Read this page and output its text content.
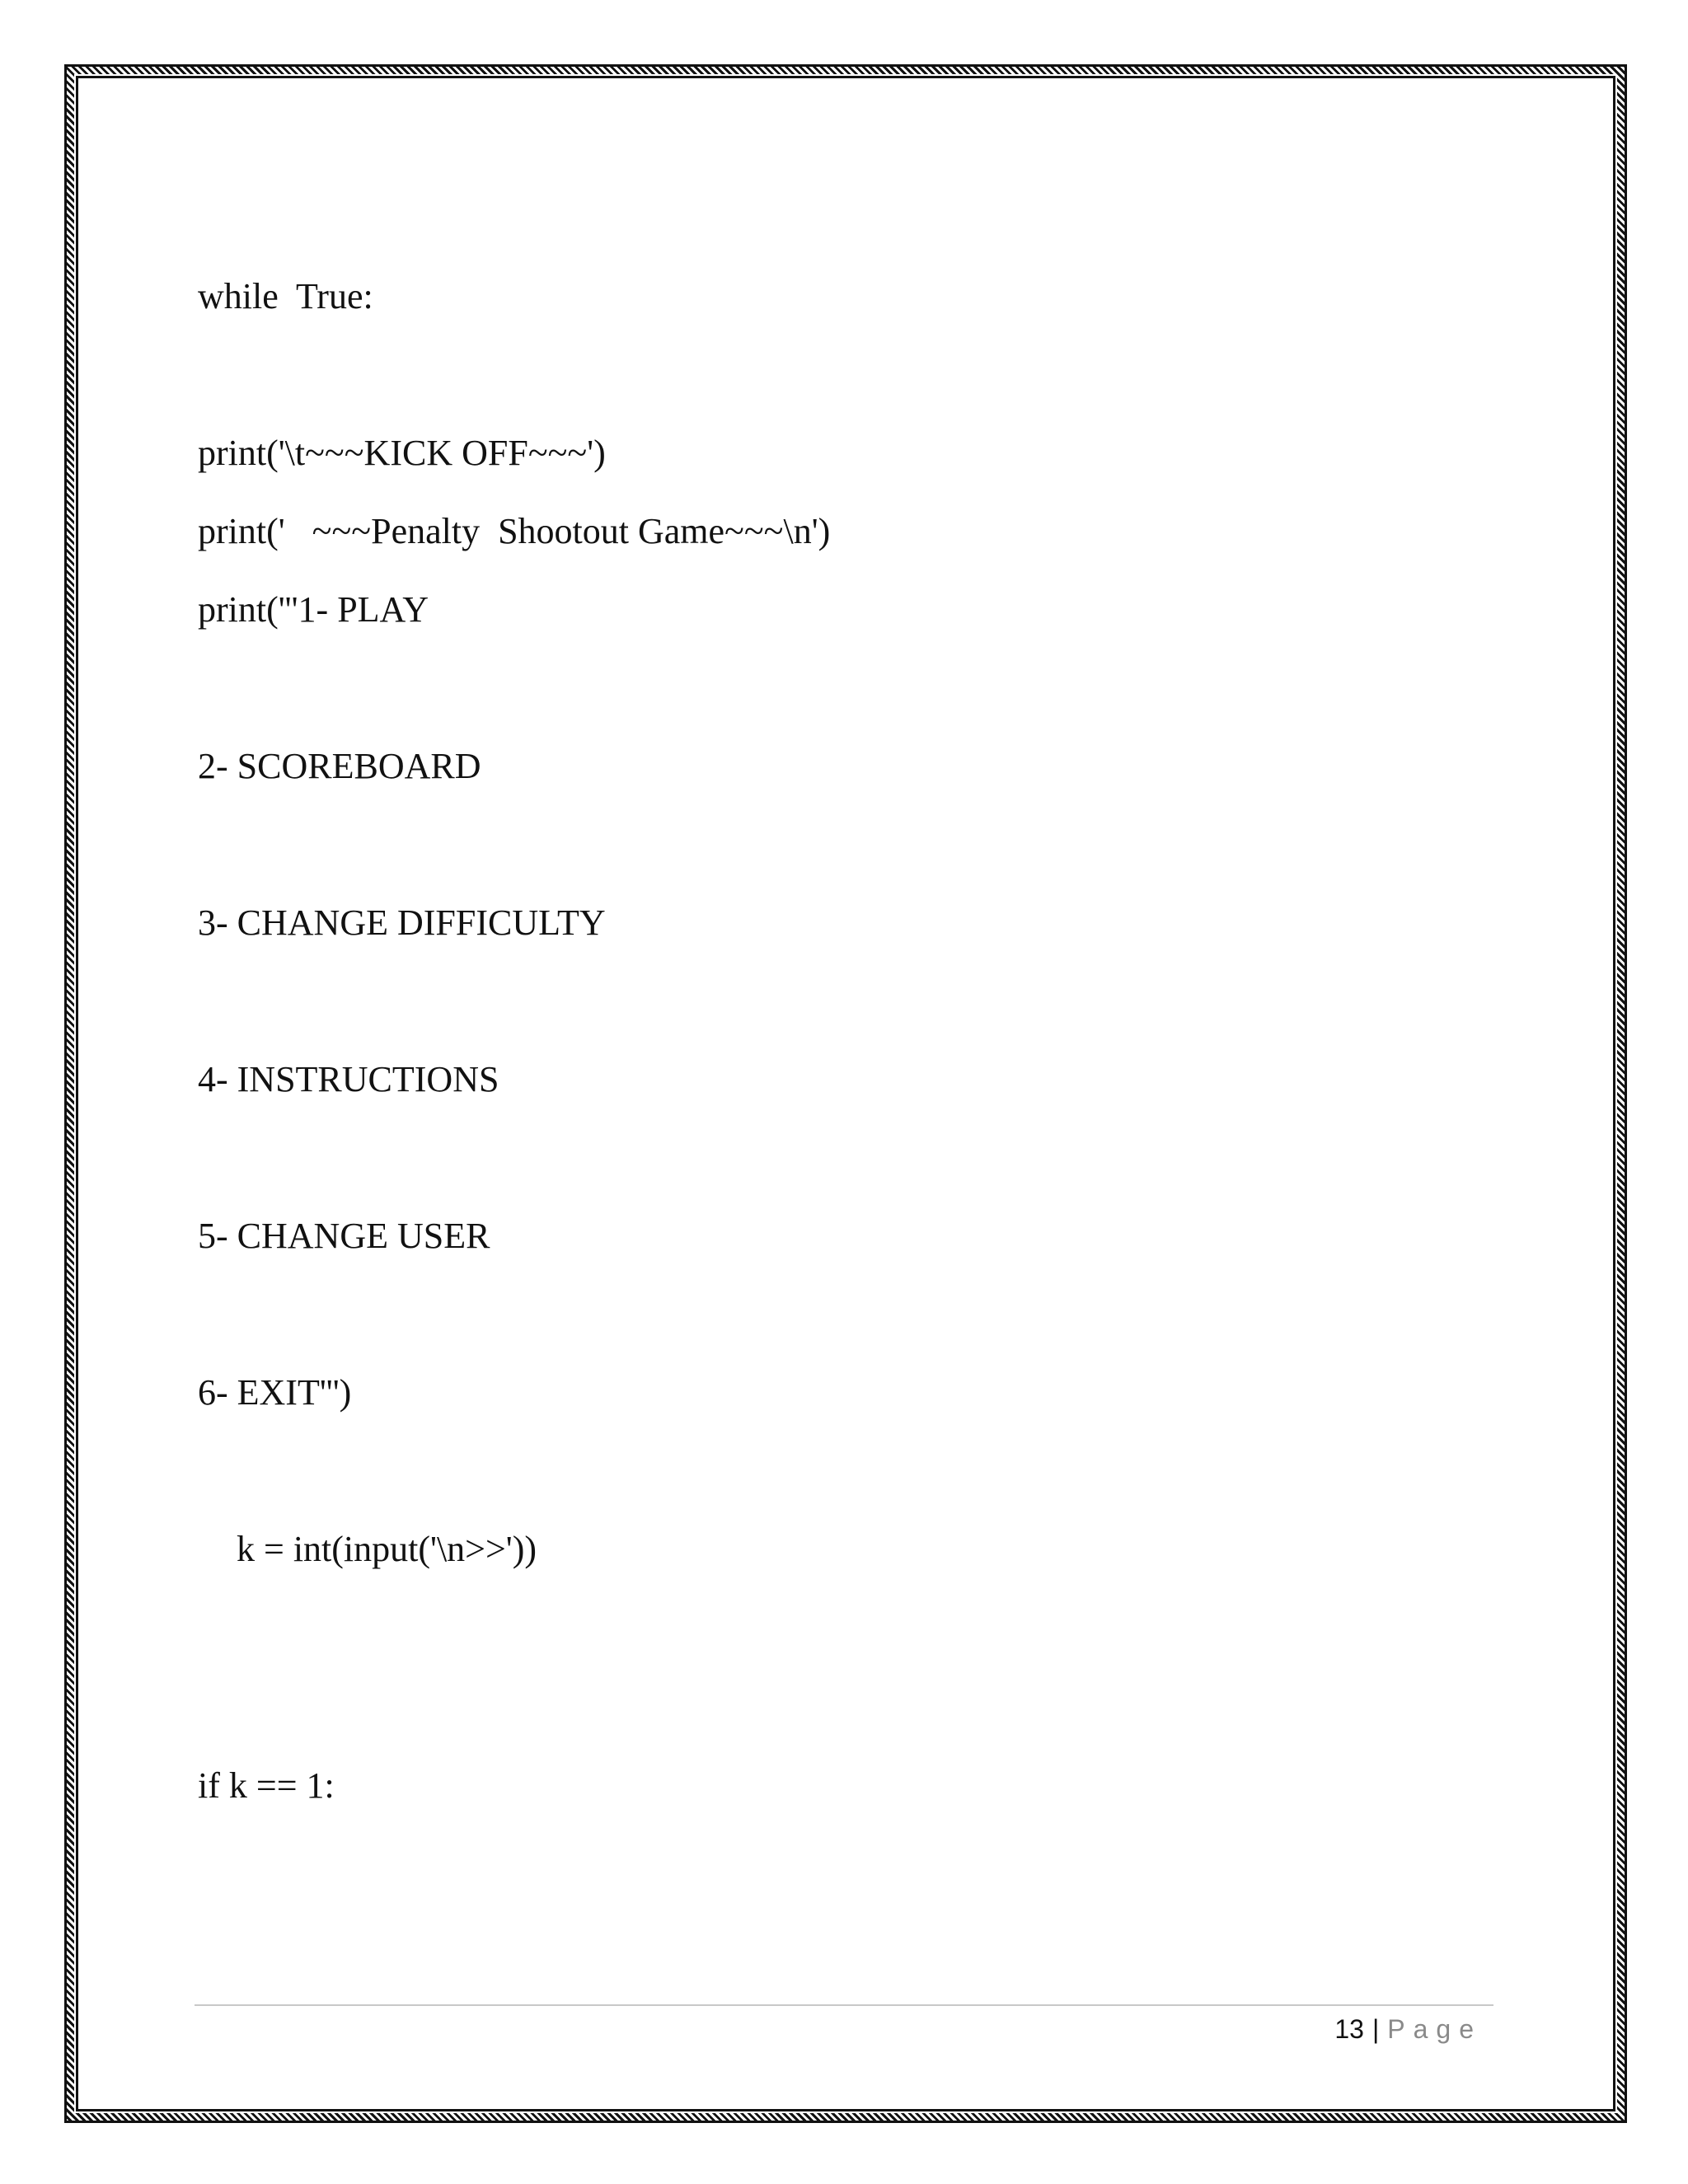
while  True:

print('\t~~~KICK OFF~~~')

print('   ~~~Penalty  Shootout Game~~~\n')

print('''1- PLAY

2- SCOREBOARD

3- CHANGE DIFFICULTY

4- INSTRUCTIONS

5- CHANGE USER

6- EXIT''')

k = int(input('\n>>'))

if k == 1:

13 | Page
